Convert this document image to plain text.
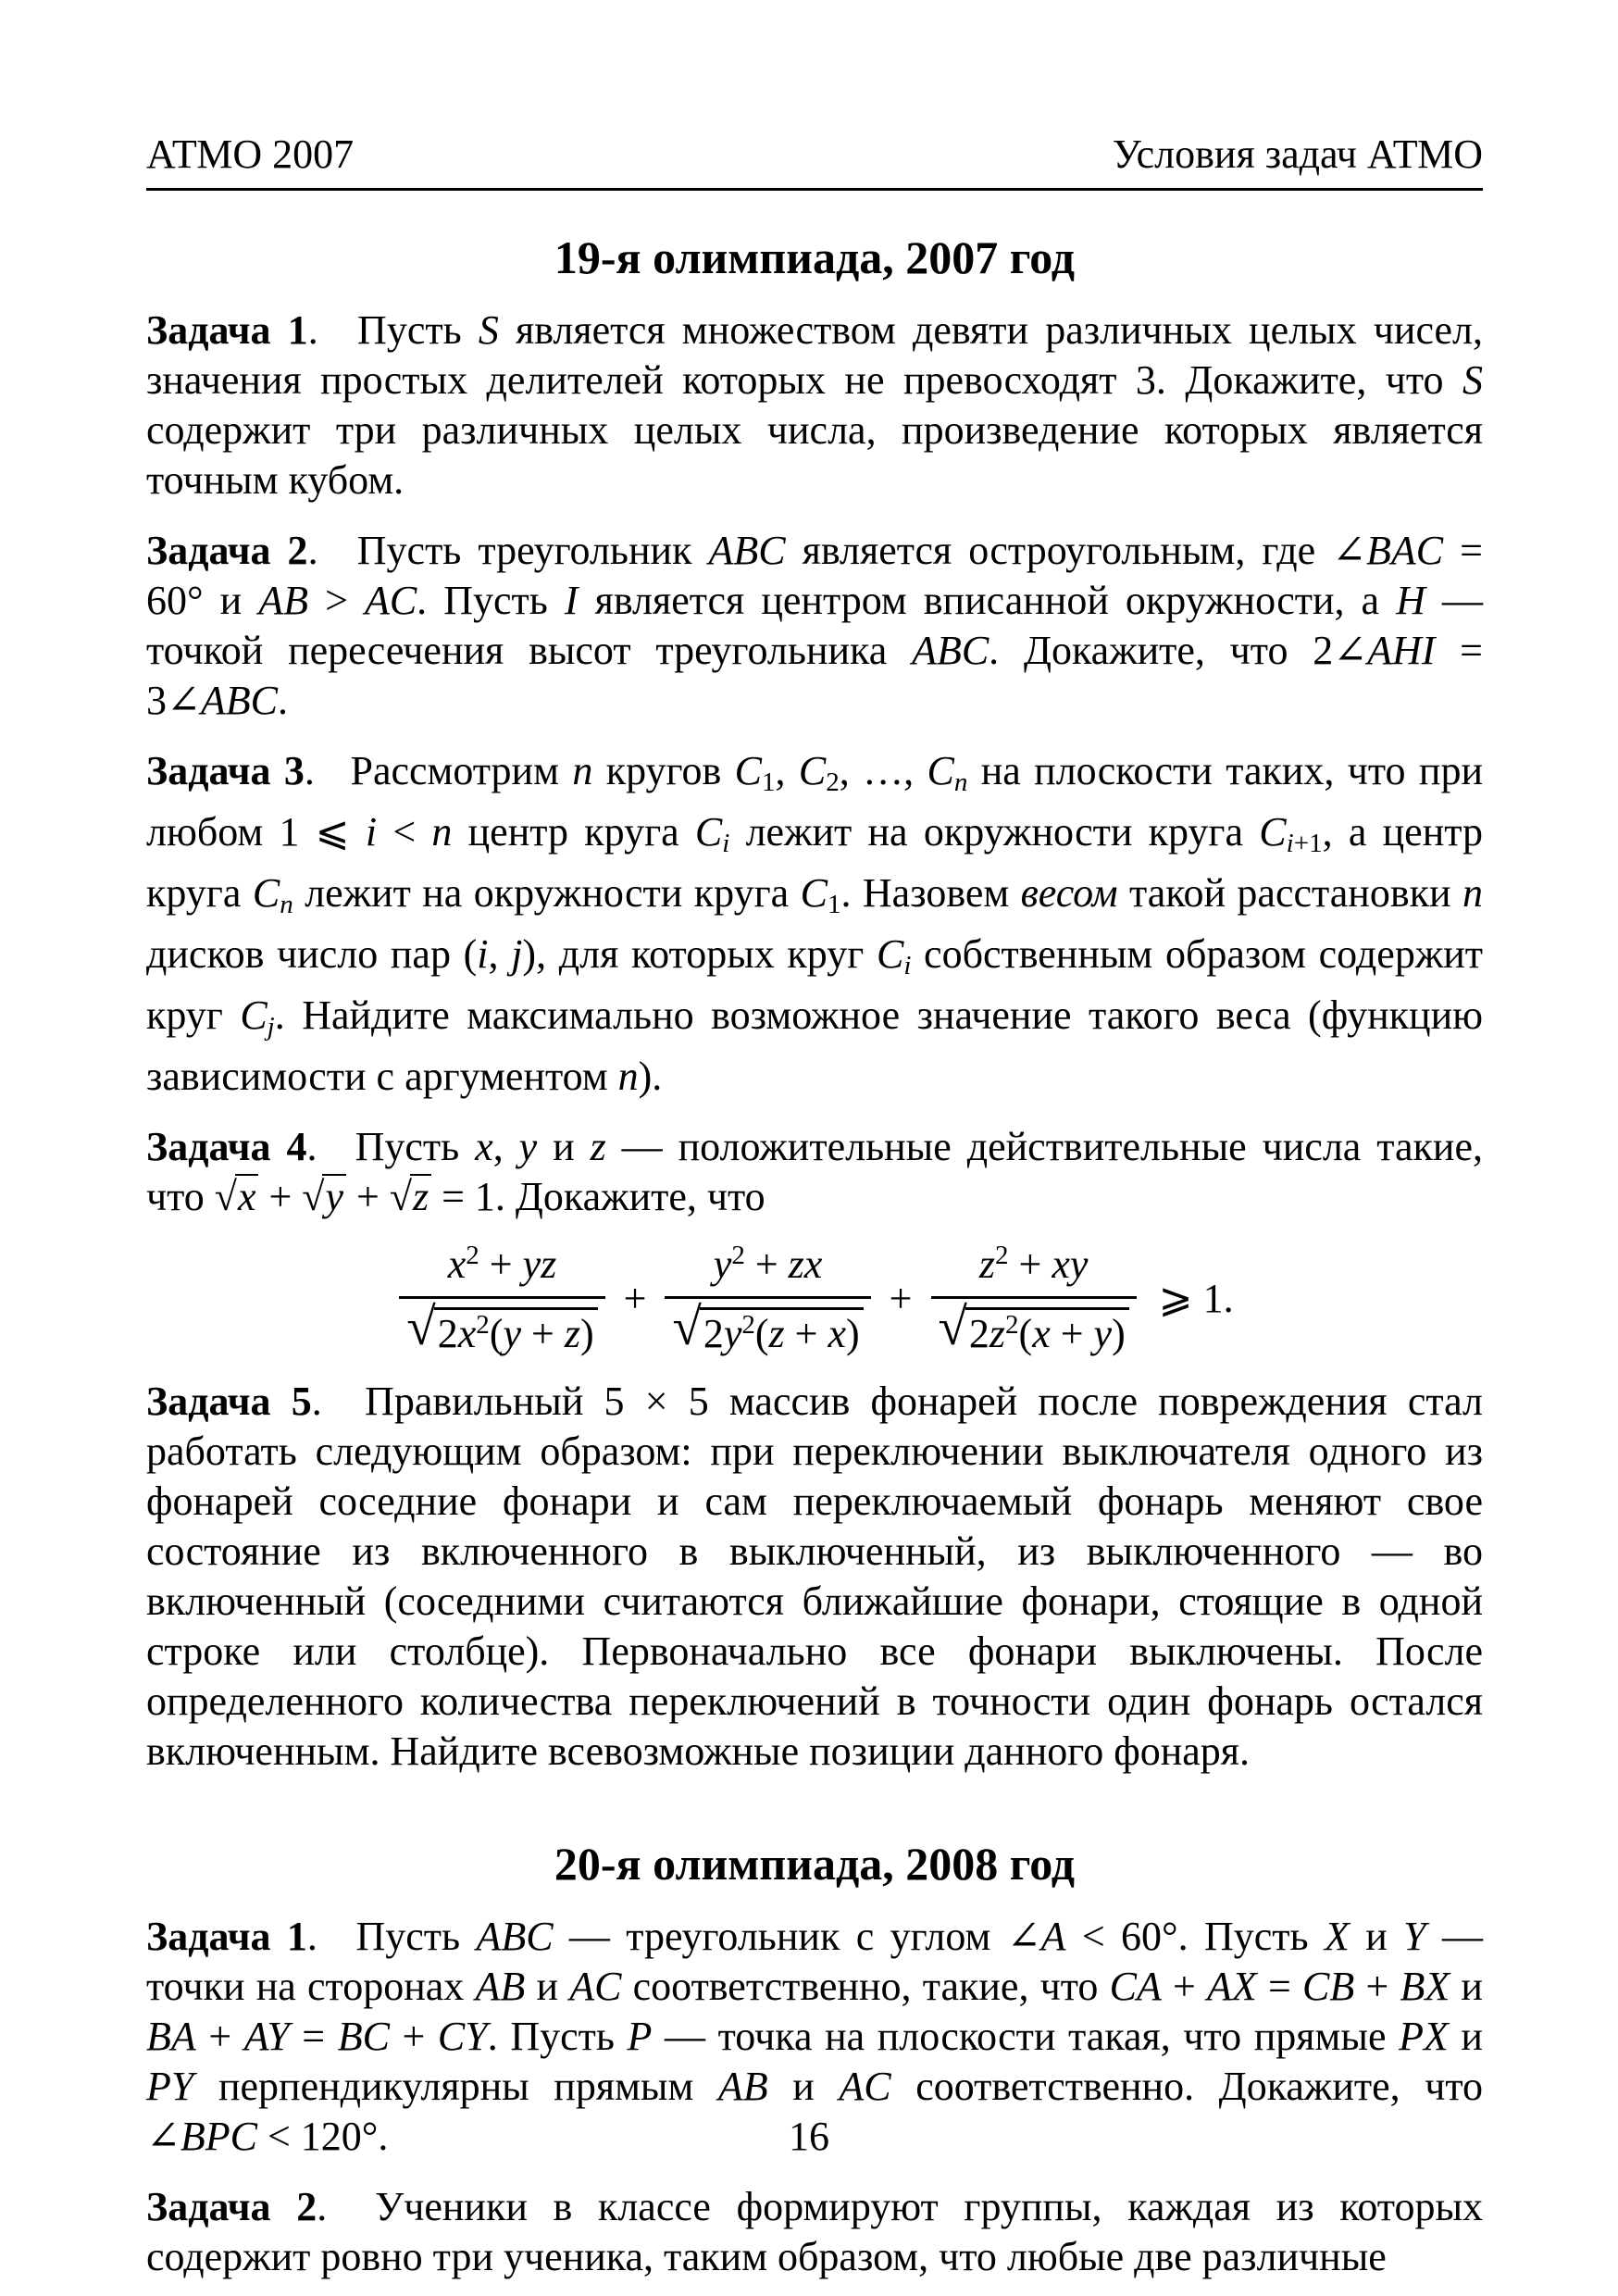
АТМО 2007	Условия задач АТМО
19-я олимпиада, 2007 год

Задача 1. Пусть S является множеством девяти различных целых чисел, значения простых делителей которых не превосходят 3. Докажите, что S содержит три различных целых числа, произведение которых является точным кубом.

Задача 2. Пусть треугольник ABC является остроугольным, где ∠BAC = 60° и AB > AC. Пусть I является центром вписанной окружности, а H — точкой пересечения высот треугольника ABC. Докажите, что 2∠AHI = 3∠ABC.

Задача 3. Рассмотрим n кругов C1, C2, …, Cn на плоскости таких, что при любом 1 ⩽ i < n центр круга Ci лежит на окружности круга Ci+1, а центр круга Cn лежит на окружности круга C1. Назовем весом такой расстановки n дисков число пар (i, j), для которых круг Ci собственным образом содержит круг Cj. Найдите максимально возможное значение такого веса (функцию зависимости с аргументом n).

Задача 4. Пусть x, y и z — положительные действительные числа такие, что √x + √y + √z = 1. Докажите, что

$\frac{x^2 + yz}{√ 2x^2(y + z)} + \frac{y^2 + zx}{√ 2y^2(z + x)} + \frac{z^2 + xy}{√ 2z^2(x + y)}$ ⩾ 1.

Задача 5. Правильный 5 × 5 массив фонарей после повреждения стал работать следующим образом: при переключении выключателя одного из фонарей соседние фонари и сам переключаемый фонарь меняют свое состояние из включенного в выключенный, из выключенного — во включенный (соседними считаются ближайшие фонари, стоящие в одной строке или столбце). Первоначально все фонари выключены. После определенного количества переключений в точности один фонарь остался включенным. Найдите всевозможные позиции данного фонаря.

20-я олимпиада, 2008 год

Задача 1. Пусть ABC — треугольник с углом ∠A < 60°. Пусть X и Y — точки на сторонах AB и AC соответственно, такие, что CA + AX = CB + BX и BA + AY = BC + CY. Пусть P — точка на плоскости такая, что прямые PX и PY перпендикулярны прямым AB и AC соответственно. Докажите, что ∠BPC < 120°.

Задача 2. Ученики в классе формируют группы, каждая из которых содержит ровно три ученика, таким образом, что любые две различные

16
